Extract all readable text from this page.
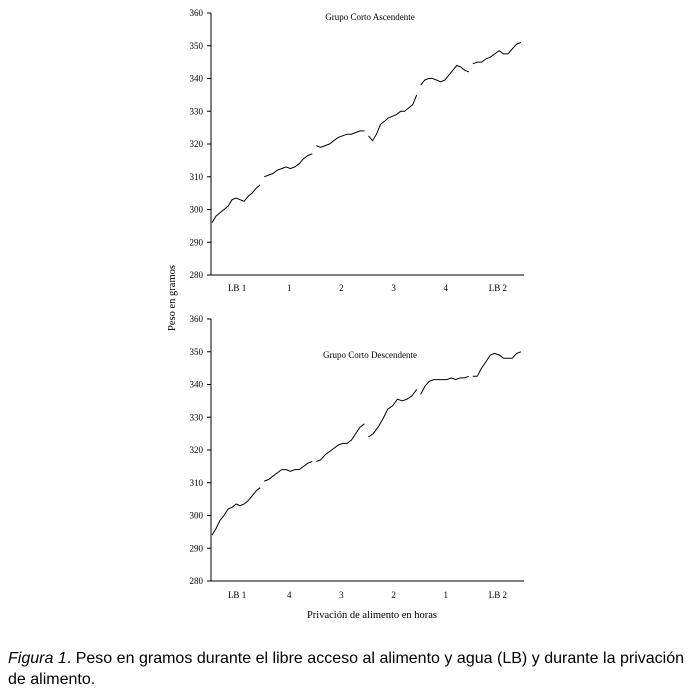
280
290
300
310
320
330
340
350
360	Grupo Corto Ascendente
LB 1	1	2	3	4	LB 2
280
290
300
310
320
330
340
350
360
Grupo Corto Descendente
LB 1	4	3	2	1	LB 2
Peso en gramos
Privación de alimento en horas
Figura 1. Peso en gramos durante el libre acceso al alimento y agua (LB) y durante la privación de alimento.
